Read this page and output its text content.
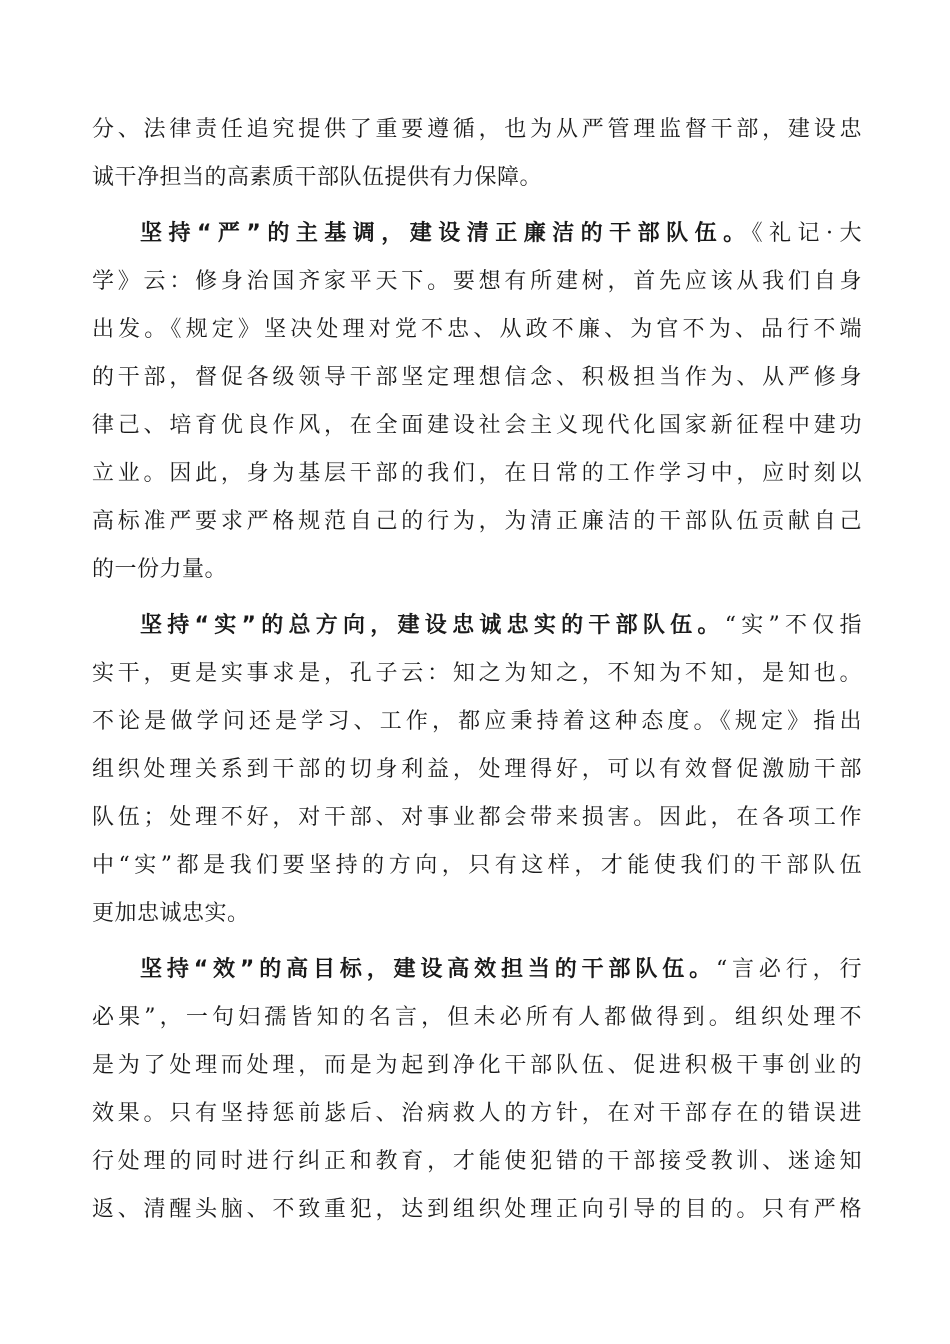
分、法律责任追究提供了重要遵循，也为从严管理监督干部，建设忠
诚干净担当的高素质干部队伍提供有力保障。
坚持“严”的主基调，建设清正廉洁的干部队伍。《礼记·大
学》云：修身治国齐家平天下。要想有所建树，首先应该从我们自身
出发。《规定》坚决处理对党不忠、从政不廉、为官不为、品行不端
的干部，督促各级领导干部坚定理想信念、积极担当作为、从严修身
律己、培育优良作风，在全面建设社会主义现代化国家新征程中建功
立业。因此，身为基层干部的我们，在日常的工作学习中，应时刻以
高标准严要求严格规范自己的行为，为清正廉洁的干部队伍贡献自己
的一份力量。
坚持“实”的总方向，建设忠诚忠实的干部队伍。“实”不仅指
实干，更是实事求是，孔子云：知之为知之，不知为不知，是知也。
不论是做学问还是学习、工作，都应秉持着这种态度。《规定》指出
组织处理关系到干部的切身利益，处理得好，可以有效督促激励干部
队伍；处理不好，对干部、对事业都会带来损害。因此，在各项工作
中“实”都是我们要坚持的方向，只有这样，才能使我们的干部队伍
更加忠诚忠实。
坚持“效”的高目标，建设高效担当的干部队伍。“言必行，行
必果”，一句妇孺皆知的名言，但未必所有人都做得到。组织处理不
是为了处理而处理，而是为起到净化干部队伍、促进积极干事创业的
效果。只有坚持惩前毖后、治病救人的方针，在对干部存在的错误进
行处理的同时进行纠正和教育，才能使犯错的干部接受教训、迷途知
返、清醒头脑、不致重犯，达到组织处理正向引导的目的。只有严格
